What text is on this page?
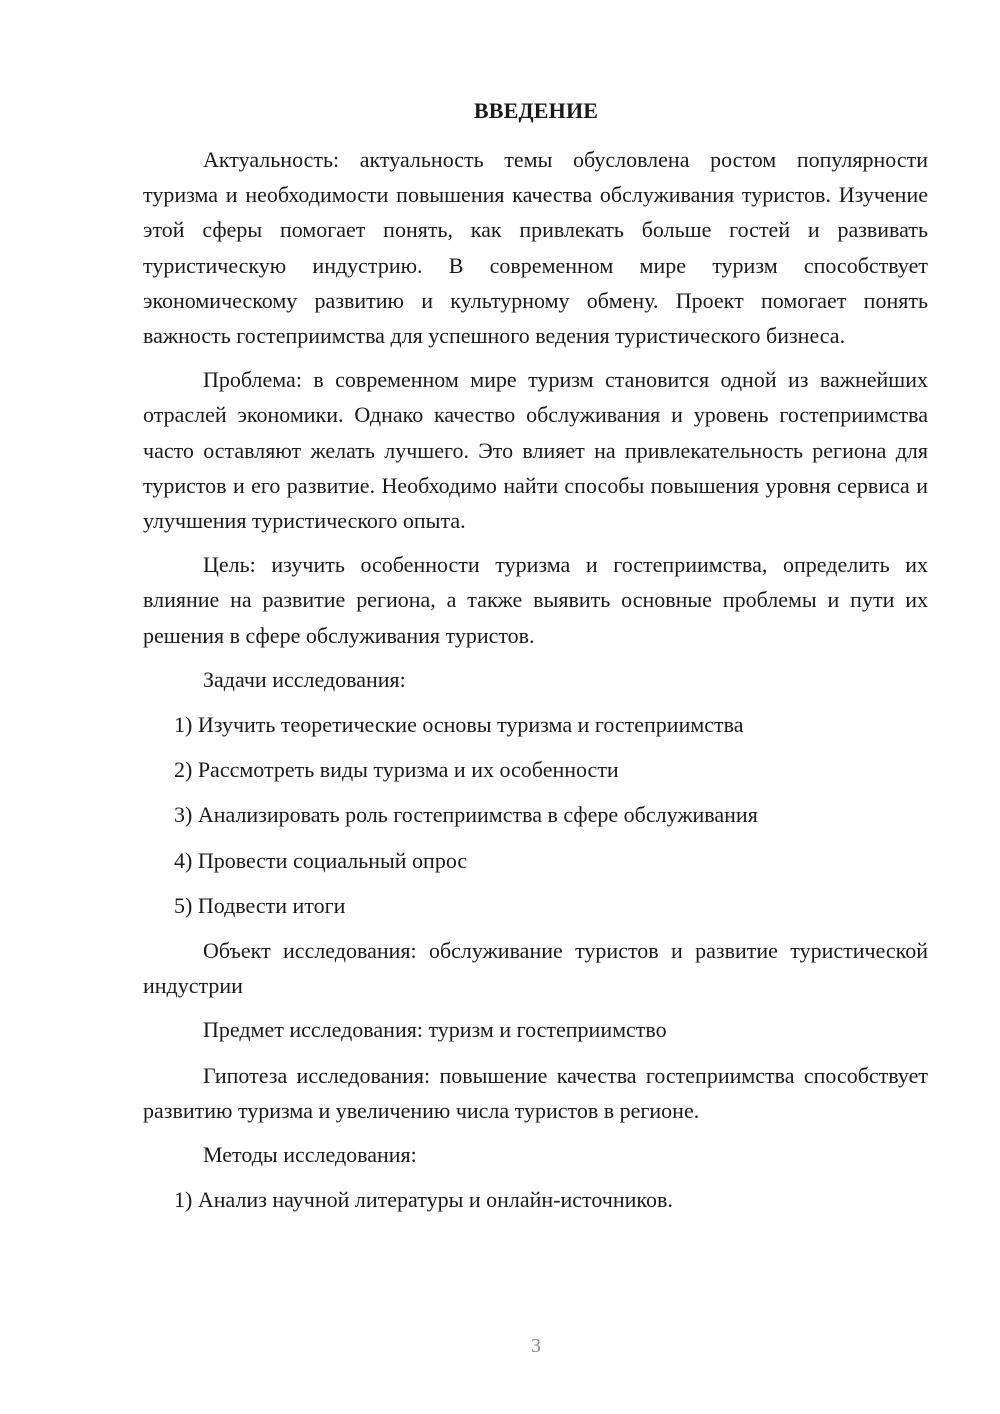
ВВЕДЕНИЕ

Актуальность: актуальность темы обусловлена ростом популярности туризма и необходимости повышения качества обслуживания туристов. Изучение этой сферы помогает понять, как привлекать больше гостей и развивать туристическую индустрию. В современном мире туризм способствует экономическому развитию и культурному обмену. Проект помогает понять важность гостеприимства для успешного ведения туристического бизнеса.

Проблема: в современном мире туризм становится одной из важнейших отраслей экономики. Однако качество обслуживания и уровень гостеприимства часто оставляют желать лучшего. Это влияет на привлекательность региона для туристов и его развитие. Необходимо найти способы повышения уровня сервиса и улучшения туристического опыта.

Цель: изучить особенности туризма и гостеприимства, определить их влияние на развитие региона, а также выявить основные проблемы и пути их решения в сфере обслуживания туристов.

Задачи исследования:

1) Изучить теоретические основы туризма и гостеприимства

2) Рассмотреть виды туризма и их особенности

3) Анализировать роль гостеприимства в сфере обслуживания

4) Провести социальный опрос

5) Подвести итоги

Объект исследования: обслуживание туристов и развитие туристической индустрии

Предмет исследования: туризм и гостеприимство

Гипотеза исследования: повышение качества гостеприимства способствует развитию туризма и увеличению числа туристов в регионе.

Методы исследования:

1) Анализ научной литературы и онлайн-источников.

3
